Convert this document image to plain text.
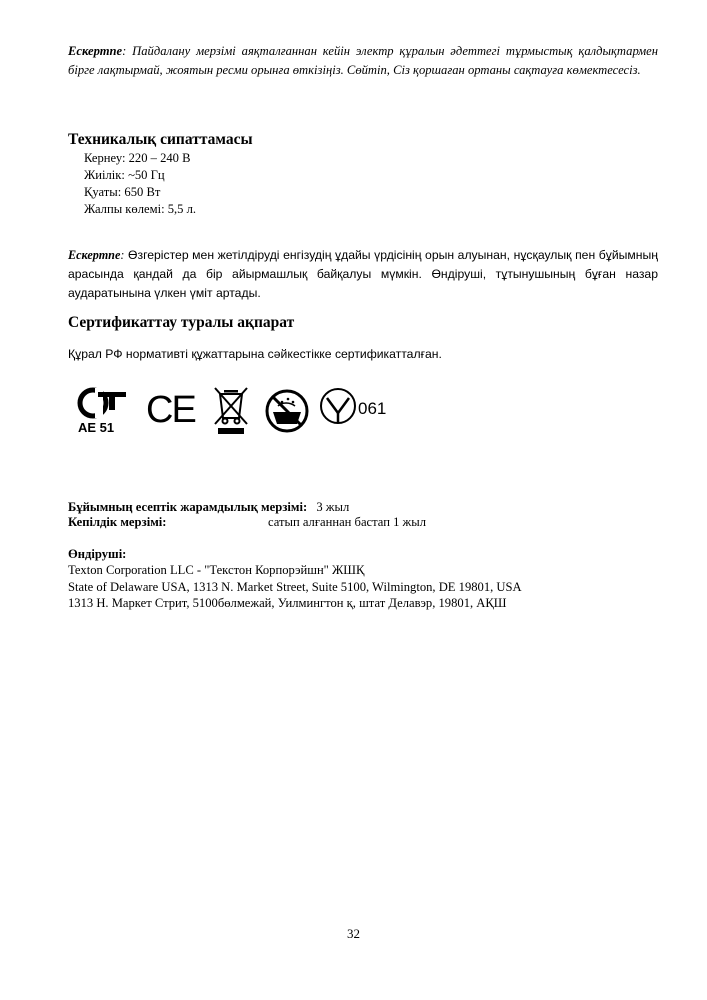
Ескертпе: Пайдалану мерзімі аяқталғаннан кейін электр құралын әдеттегі тұрмыстық қалдықтармен бірге лақтырмай, жоятын ресми орынға өткізіңіз. Сөйтіп, Сіз қоршаған ортаны сақтауға көмектесесіз.
Техникалық сипаттамасы
Кернеу: 220 – 240 В
Жиілік: ~50 Гц
Қуаты: 650 Вт
Жалпы көлемі: 5,5 л.
Ескертпе: Өзгерістер мен жетілдіруді енгізудің ұдайы үрдісінің орын алуынан, нұсқаулық пен бұйымның арасында қандай да бір айырмашлық байқалуы мүмкін. Өндіруші, тұтынушының бұған назар аударатынына үлкен үміт артады.
Сертификаттау туралы ақпарат
Құрал РФ нормативті құжаттарына сәйкестікке сертификатталған.
АЕ 51 CE	061
Бұйымның есептік жарамдылық мерзімі: 3 жыл
Кепілдік мерзімі:	сатып алғаннан бастап 1 жыл
Өндіруші:
Texton Corporation LLC - "Текстон Корпорэйшн" ЖШҚ
State of Delaware USA, 1313 N. Market Street, Suite 5100, Wilmington, DE 19801, USA
1313 Н. Маркет Стрит, 5100бөлмежай, Уилмингтон қ, штат Делавэр, 19801, АҚШ
32
